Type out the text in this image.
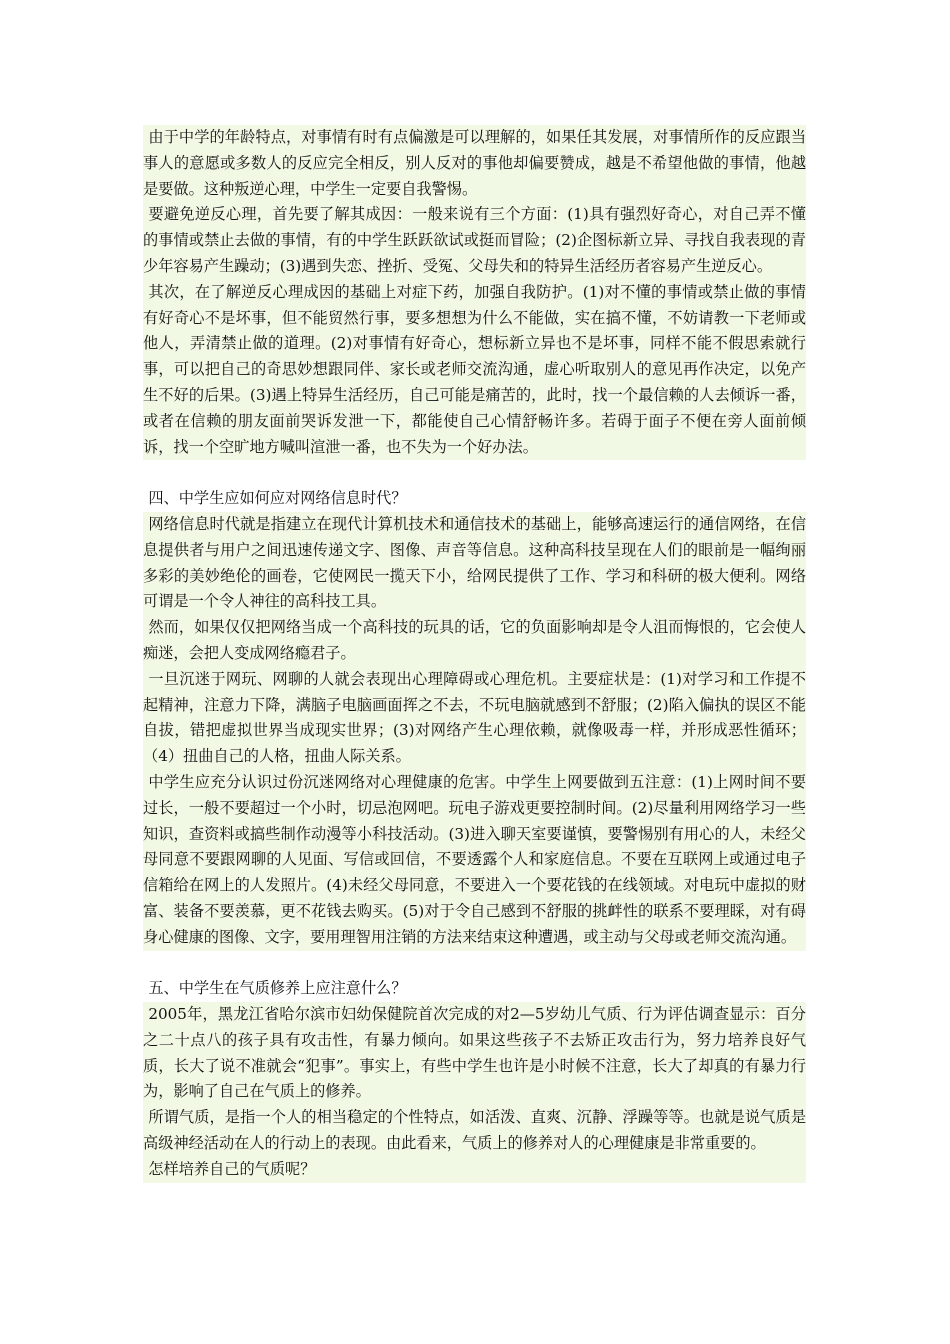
由于中学的年龄特点，对事情有时有点偏激是可以理解的，如果任其发展，对事情所作的反应跟当事人的意愿或多数人的反应完全相反，别人反对的事他却偏要赞成，越是不希望他做的事情，他越是要做。这种叛逆心理，中学生一定要自我警惕。

要避免逆反心理，首先要了解其成因：一般来说有三个方面：(1)具有强烈好奇心，对自己弄不懂的事情或禁止去做的事情，有的中学生跃跃欲试或挺而冒险；(2)企图标新立异、寻找自我表现的青少年容易产生躁动；(3)遇到失恋、挫折、受冤、父母失和的特异生活经历者容易产生逆反心。

其次，在了解逆反心理成因的基础上对症下药，加强自我防护。(1)对不懂的事情或禁止做的事情有好奇心不是坏事，但不能贸然行事，要多想想为什么不能做，实在搞不懂，不妨请教一下老师或他人，弄清禁止做的道理。(2)对事情有好奇心，想标新立异也不是坏事，同样不能不假思索就行事，可以把自己的奇思妙想跟同伴、家长或老师交流沟通，虚心听取别人的意见再作决定，以免产生不好的后果。(3)遇上特异生活经历，自己可能是痛苦的，此时，找一个最信赖的人去倾诉一番，或者在信赖的朋友面前哭诉发泄一下，都能使自己心情舒畅许多。若碍于面子不便在旁人面前倾诉，找一个空旷地方喊叫渲泄一番，也不失为一个好办法。

四、中学生应如何应对网络信息时代？

网络信息时代就是指建立在现代计算机技术和通信技术的基础上，能够高速运行的通信网络，在信息提供者与用户之间迅速传递文字、图像、声音等信息。这种高科技呈现在人们的眼前是一幅绚丽多彩的美妙绝伦的画卷，它使网民一揽天下小，给网民提供了工作、学习和科研的极大便利。网络可谓是一个令人神往的高科技工具。

然而，如果仅仅把网络当成一个高科技的玩具的话，它的负面影响却是令人沮而悔恨的，它会使人痴迷，会把人变成网络瘾君子。

一旦沉迷于网玩、网聊的人就会表现出心理障碍或心理危机。主要症状是：(1)对学习和工作提不起精神，注意力下降，满脑子电脑画面挥之不去，不玩电脑就感到不舒服；(2)陷入偏执的误区不能自拔，错把虚拟世界当成现实世界；(3)对网络产生心理依赖，就像吸毒一样，并形成恶性循环；（4）扭曲自己的人格，扭曲人际关系。

中学生应充分认识过份沉迷网络对心理健康的危害。中学生上网要做到五注意：(1)上网时间不要过长，一般不要超过一个小时，切忌泡网吧。玩电子游戏更要控制时间。(2)尽量利用网络学习一些知识，查资料或搞些制作动漫等小科技活动。(3)进入聊天室要谨慎，要警惕别有用心的人，未经父母同意不要跟网聊的人见面、写信或回信，不要透露个人和家庭信息。不要在互联网上或通过电子信箱给在网上的人发照片。(4)未经父母同意，不要进入一个要花钱的在线领域。对电玩中虚拟的财富、装备不要羡慕，更不花钱去购买。(5)对于令自己感到不舒服的挑衅性的联系不要理睬，对有碍身心健康的图像、文字，要用理智用注销的方法来结束这种遭遇，或主动与父母或老师交流沟通。

五、中学生在气质修养上应注意什么？

2005年，黑龙江省哈尔滨市妇幼保健院首次完成的对2—5岁幼儿气质、行为评估调查显示：百分之二十点八的孩子具有攻击性，有暴力倾向。如果这些孩子不去矫正攻击行为，努力培养良好气质，长大了说不准就会“犯事”。事实上，有些中学生也许是小时候不注意，长大了却真的有暴力行为，影响了自己在气质上的修养。

所谓气质，是指一个人的相当稳定的个性特点，如活泼、直爽、沉静、浮躁等等。也就是说气质是高级神经活动在人的行动上的表现。由此看来，气质上的修养对人的心理健康是非常重要的。

怎样培养自己的气质呢？
